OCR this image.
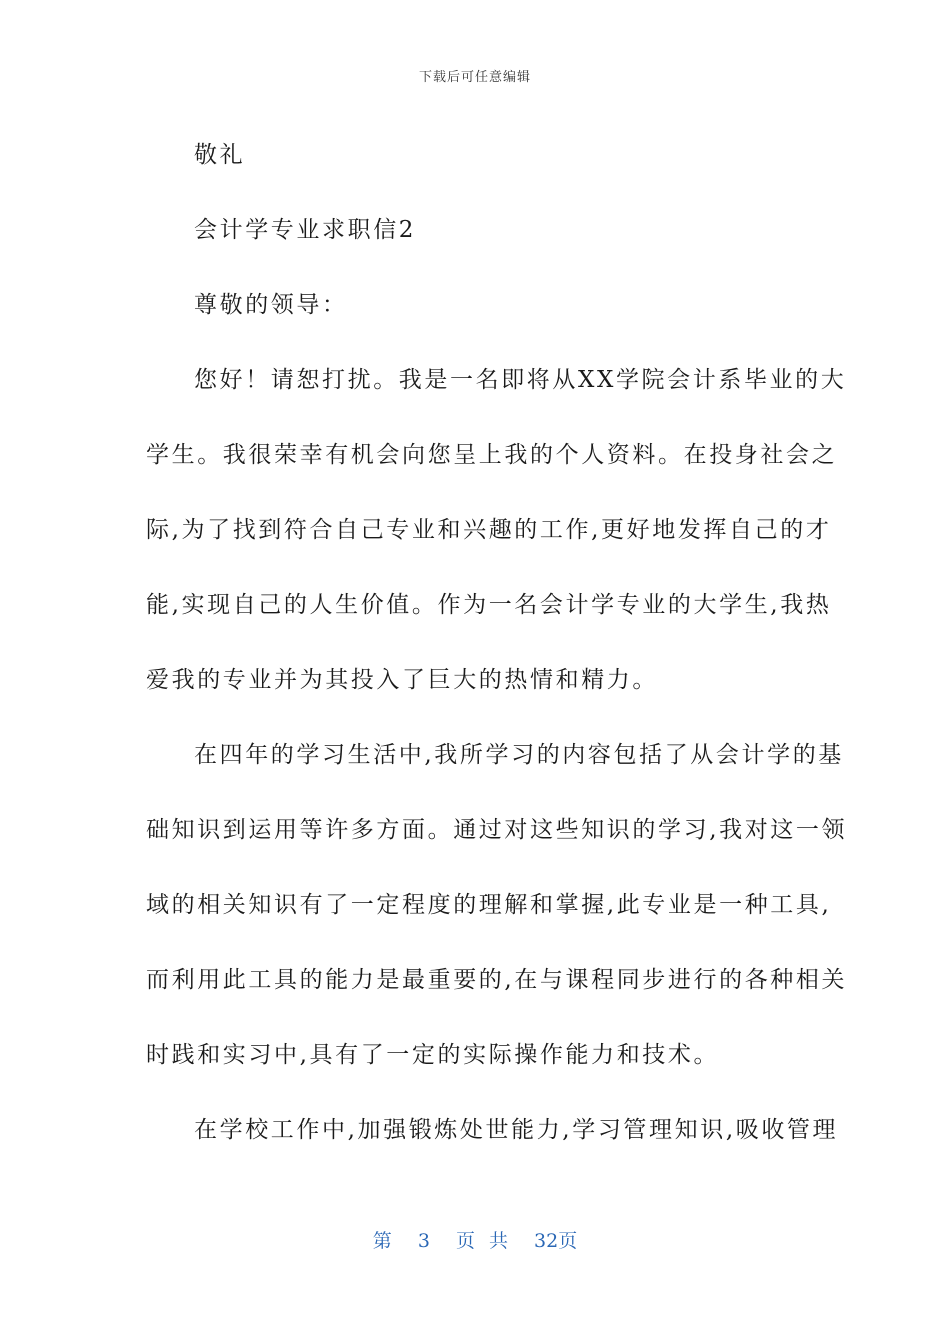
下载后可任意编辑
敬礼
会计学专业求职信2
尊敬的领导：
您好！请恕打扰。我是一名即将从XX学院会计系毕业的大
学生。我很荣幸有机会向您呈上我的个人资料。在投身社会之
际,为了找到符合自己专业和兴趣的工作,更好地发挥自己的才
能,实现自己的人生价值。作为一名会计学专业的大学生,我热
爱我的专业并为其投入了巨大的热情和精力。
在四年的学习生活中,我所学习的内容包括了从会计学的基
础知识到运用等许多方面。通过对这些知识的学习,我对这一领
域的相关知识有了一定程度的理解和掌握,此专业是一种工具,
而利用此工具的能力是最重要的,在与课程同步进行的各种相关
时践和实习中,具有了一定的实际操作能力和技术。
在学校工作中,加强锻炼处世能力,学习管理知识,吸收管理
第 3 页 共 32页
